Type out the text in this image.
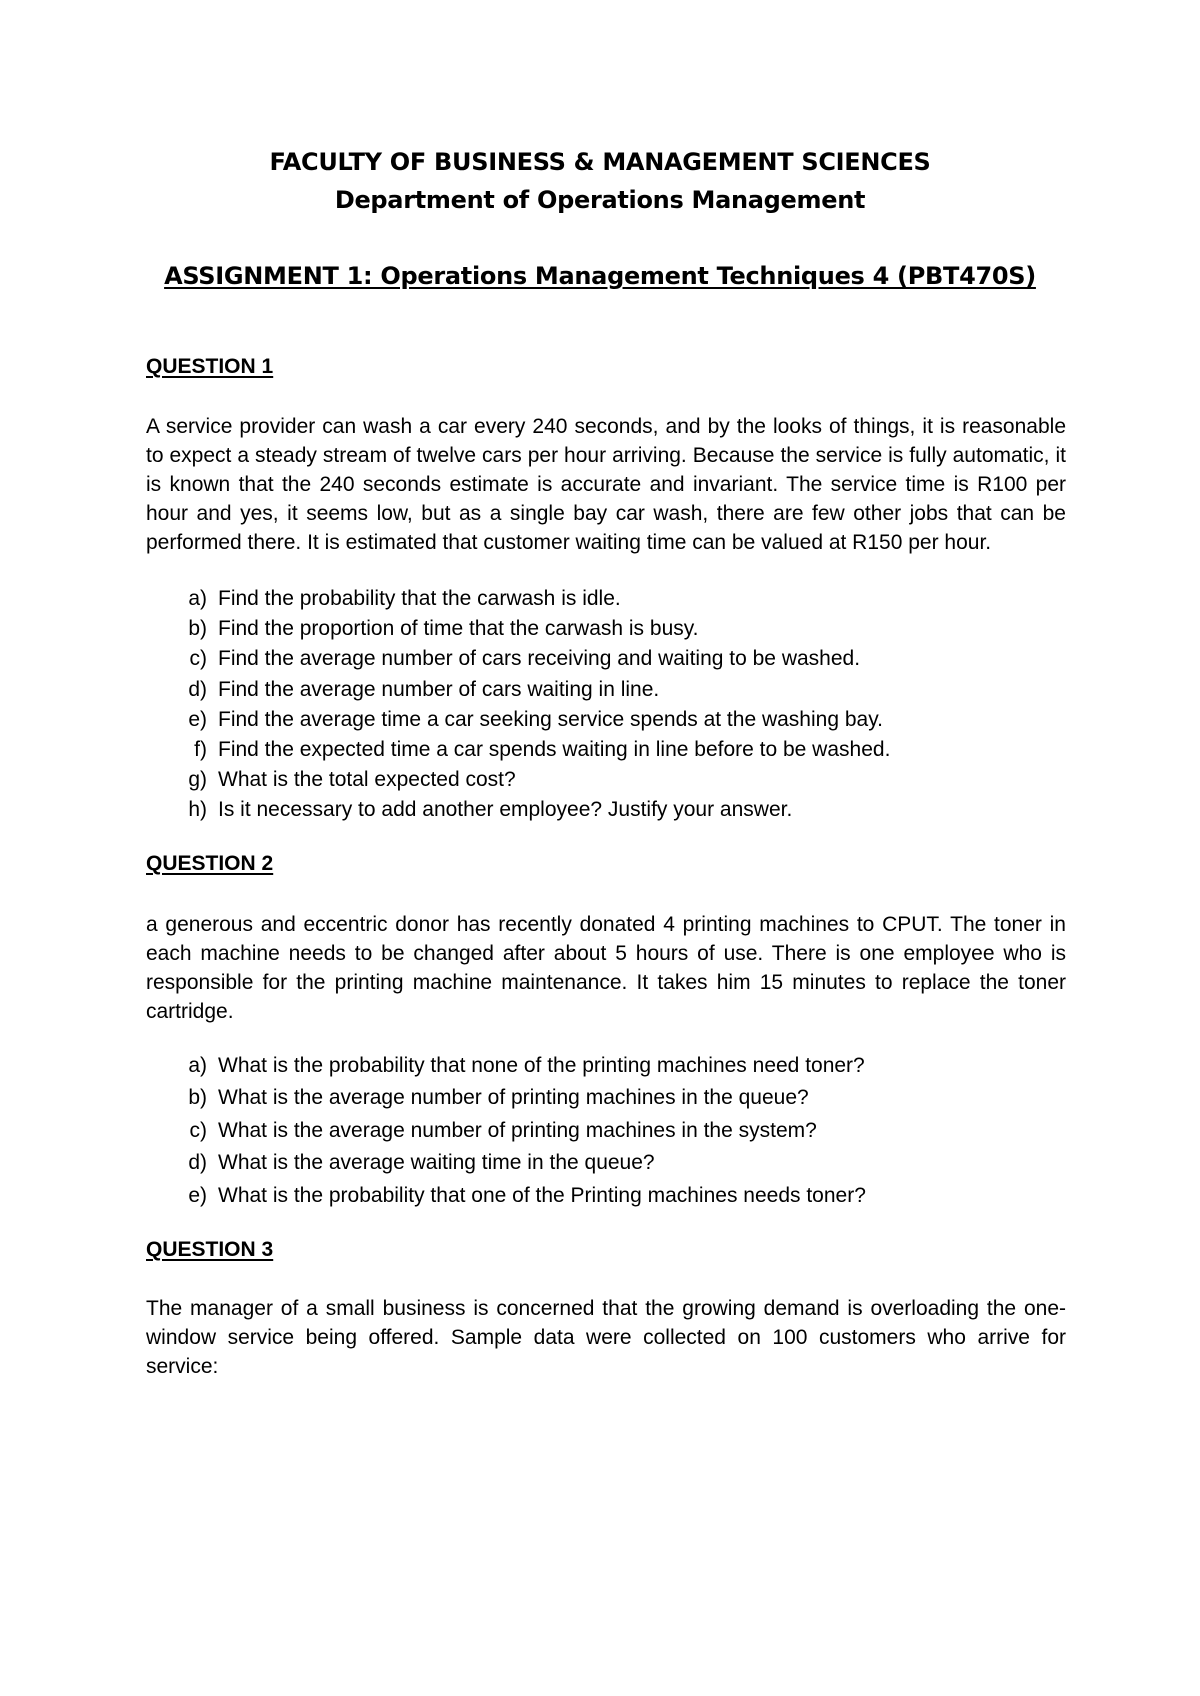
FACULTY OF BUSINESS & MANAGEMENT SCIENCES
Department of Operations Management
ASSIGNMENT 1: Operations Management Techniques 4 (PBT470S)
QUESTION 1
A service provider can wash a car every 240 seconds, and by the looks of things, it is reasonable to expect a steady stream of twelve cars per hour arriving. Because the service is fully automatic, it is known that the 240 seconds estimate is accurate and invariant. The service time is R100 per hour and yes, it seems low, but as a single bay car wash, there are few other jobs that can be performed there. It is estimated that customer waiting time can be valued at R150 per hour.
a) Find the probability that the carwash is idle.
b) Find the proportion of time that the carwash is busy.
c) Find the average number of cars receiving and waiting to be washed.
d) Find the average number of cars waiting in line.
e) Find the average time a car seeking service spends at the washing bay.
f) Find the expected time a car spends waiting in line before to be washed.
g) What is the total expected cost?
h) Is it necessary to add another employee? Justify your answer.
QUESTION 2
a generous and eccentric donor has recently donated 4 printing machines to CPUT. The toner in each machine needs to be changed after about 5 hours of use. There is one employee who is responsible for the printing machine maintenance. It takes him 15 minutes to replace the toner cartridge.
a) What is the probability that none of the printing machines need toner?
b) What is the average number of printing machines in the queue?
c) What is the average number of printing machines in the system?
d) What is the average waiting time in the queue?
e) What is the probability that one of the Printing machines needs toner?
QUESTION 3
The manager of a small business is concerned that the growing demand is overloading the one-window service being offered. Sample data were collected on 100 customers who arrive for service:
